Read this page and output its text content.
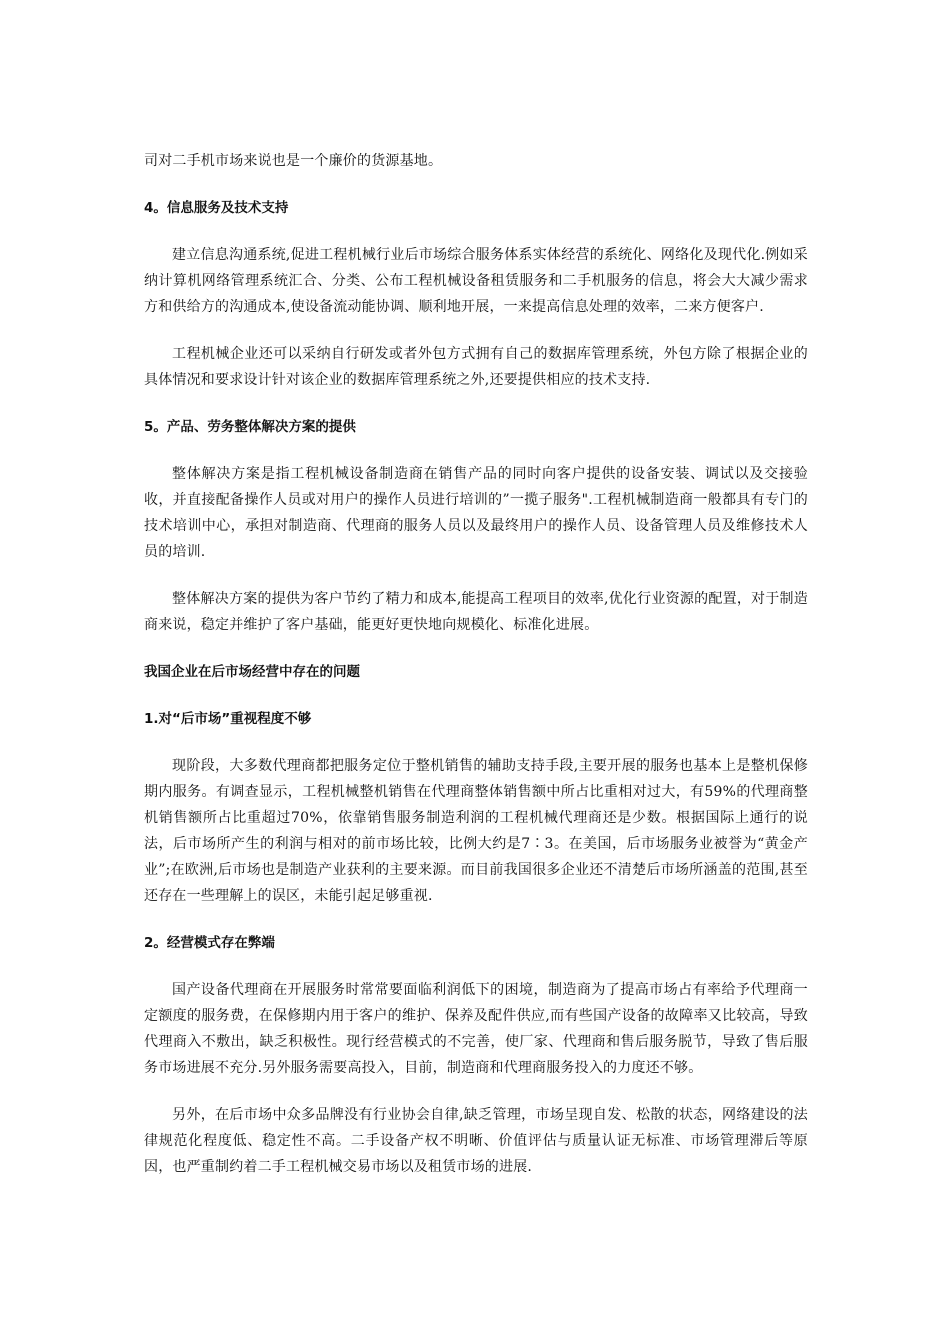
司对二手机市场来说也是一个廉价的货源基地。

4。信息服务及技术支持

建立信息沟通系统,促进工程机械行业后市场综合服务体系实体经营的系统化、网络化及现代化.例如采纳计算机网络管理系统汇合、分类、公布工程机械设备租赁服务和二手机服务的信息，将会大大减少需求方和供给方的沟通成本,使设备流动能协调、顺利地开展，一来提高信息处理的效率，二来方便客户.

工程机械企业还可以采纳自行研发或者外包方式拥有自己的数据库管理系统，外包方除了根据企业的具体情况和要求设计针对该企业的数据库管理系统之外,还要提供相应的技术支持.

5。产品、劳务整体解决方案的提供

整体解决方案是指工程机械设备制造商在销售产品的同时向客户提供的设备安装、调试以及交接验收，并直接配备操作人员或对用户的操作人员进行培训的”一揽子服务".工程机械制造商一般都具有专门的技术培训中心，承担对制造商、代理商的服务人员以及最终用户的操作人员、设备管理人员及维修技术人员的培训.

整体解决方案的提供为客户节约了精力和成本,能提高工程项目的效率,优化行业资源的配置，对于制造商来说，稳定并维护了客户基础，能更好更快地向规模化、标准化进展。

我国企业在后市场经营中存在的问题
1.对“后市场”重视程度不够

现阶段，大多数代理商都把服务定位于整机销售的辅助支持手段,主要开展的服务也基本上是整机保修期内服务。有调查显示，工程机械整机销售在代理商整体销售额中所占比重相对过大，有59%的代理商整机销售额所占比重超过70%，依靠销售服务制造利润的工程机械代理商还是少数。根据国际上通行的说法，后市场所产生的利润与相对的前市场比较，比例大约是7∶3。在美国，后市场服务业被誉为“黄金产业”;在欧洲,后市场也是制造产业获利的主要来源。而目前我国很多企业还不清楚后市场所涵盖的范围,甚至还存在一些理解上的误区，未能引起足够重视.

2。经营模式存在弊端

国产设备代理商在开展服务时常常要面临利润低下的困境，制造商为了提高市场占有率给予代理商一定额度的服务费，在保修期内用于客户的维护、保养及配件供应,而有些国产设备的故障率又比较高，导致代理商入不敷出，缺乏积极性。现行经营模式的不完善，使厂家、代理商和售后服务脱节，导致了售后服务市场进展不充分.另外服务需要高投入，目前，制造商和代理商服务投入的力度还不够。

另外，在后市场中众多品牌没有行业协会自律,缺乏管理，市场呈现自发、松散的状态，网络建设的法律规范化程度低、稳定性不高。二手设备产权不明晰、价值评估与质量认证无标准、市场管理滞后等原因，也严重制约着二手工程机械交易市场以及租赁市场的进展.
